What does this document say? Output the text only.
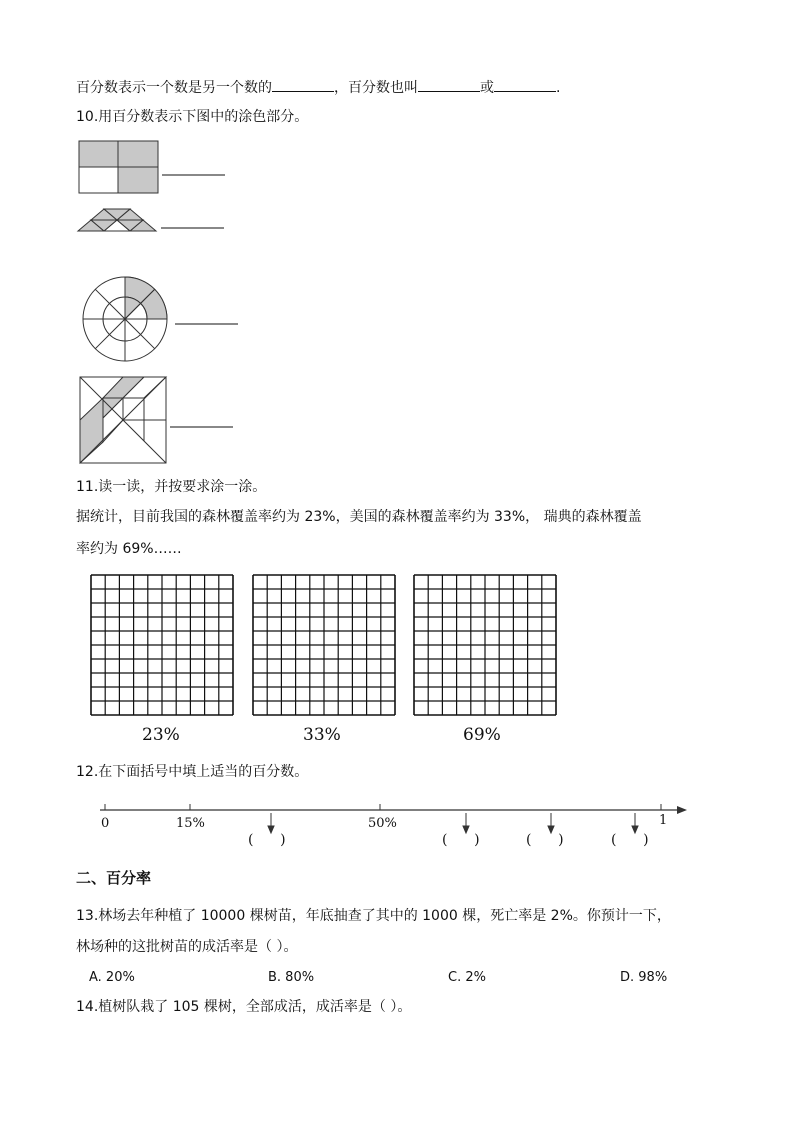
百分数表示一个数是另一个数的	，百分数也叫	或	.
10.用百分数表示下图中的涂色部分。
11.读一读，并按要求涂一涂。
据统计，目前我国的森林覆盖率约为 23%，美国的森林覆盖率约为 33%， 瑞典的森林覆盖
率约为 69%……
23%	33%	69%
12.在下面括号中填上适当的百分数。
0	15%	50%	1
(      )	(      )	(      )	(      )
二、百分率
13.林场去年种植了 10000 棵树苗，年底抽查了其中的 1000 棵，死亡率是 2%。你预计一下，
林场种的这批树苗的成活率是（ ）。
A. 20%	B. 80%	C. 2%	D. 98%
14.植树队栽了 105 棵树，全部成活，成活率是（ ）。
